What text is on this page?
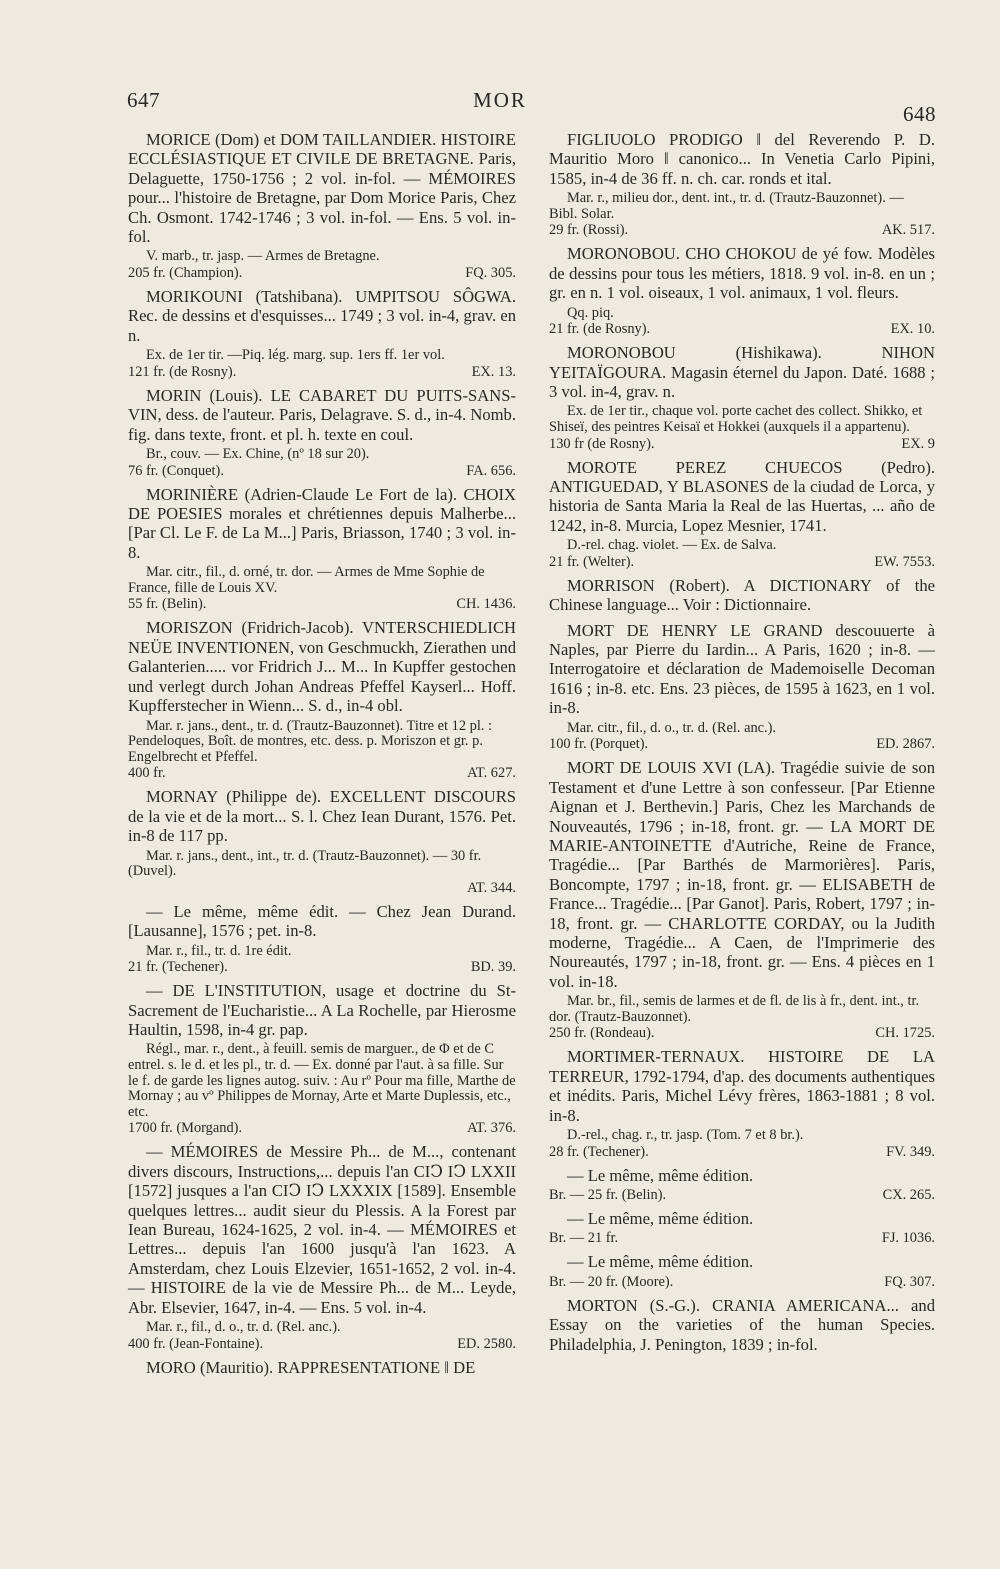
647	MOR
648

MORICE (Dom) et DOM TAILLANDIER. HISTOIRE ECCLÉSIASTIQUE ET CIVILE DE BRETAGNE. Paris, Delaguette, 1750-1756 ; 2 vol. in-fol. — MÉMOIRES pour... l'histoire de Bretagne, par Dom Morice Paris, Chez Ch. Osmont. 1742-1746 ; 3 vol. in-fol. — Ens. 5 vol. in-fol.

V. marb., tr. jasp. — Armes de Bretagne.
205 fr. (Champion).	FQ. 305.

MORIKOUNI (Tatshibana). UMPITSOU SÔGWA. Rec. de dessins et d'esquisses... 1749 ; 3 vol. in-4, grav. en n.

Ex. de 1er tir. —Piq. lég. marg. sup. 1ers ff. 1er vol.
121 fr. (de Rosny).	EX. 13.

MORIN (Louis). LE CABARET DU PUITS-SANS-VIN, dess. de l'auteur. Paris, Delagrave. S. d., in-4. Nomb. fig. dans texte, front. et pl. h. texte en coul.

Br., couv. — Ex. Chine, (nº 18 sur 20).
76 fr. (Conquet).	FA. 656.

MORINIÈRE (Adrien-Claude Le Fort de la). CHOIX DE POESIES morales et chrétiennes depuis Malherbe... [Par Cl. Le F. de La M...] Paris, Briasson, 1740 ; 3 vol. in-8.

Mar. citr., fil., d. orné, tr. dor. — Armes de Mme Sophie de France, fille de Louis XV.
55 fr. (Belin).	CH. 1436.

MORISZON (Fridrich-Jacob). VNTERSCHIEDLICH NEÜE INVENTIONEN, von Geschmuckh, Zierathen und Galanterien..... vor Fridrich J... M... In Kupffer gestochen und verlegt durch Johan Andreas Pfeffel Kayserl... Hoff. Kupfferstecher in Wienn... S. d., in-4 obl.

Mar. r. jans., dent., tr. d. (Trautz-Bauzonnet). Titre et 12 pl. : Pendeloques, Boît. de montres, etc. dess. p. Moriszon et gr. p. Engelbrecht et Pfeffel.
400 fr.	AT. 627.

MORNAY (Philippe de). EXCELLENT DISCOURS de la vie et de la mort... S. l. Chez Iean Durant, 1576. Pet. in-8 de 117 pp.

Mar. r. jans., dent., int., tr. d. (Trautz-Bauzonnet). — 30 fr. (Duvel).
AT. 344.

— Le même, même édit. — Chez Jean Durand. [Lausanne], 1576 ; pet. in-8.

Mar. r., fil., tr. d. 1re édit.
21 fr. (Techener).	BD. 39.

— DE L'INSTITUTION, usage et doctrine du St-Sacrement de l'Eucharistie... A La Rochelle, par Hierosme Haultin, 1598, in-4 gr. pap.

Régl., mar. r., dent., à feuill. semis de marguer., de Φ et de C entrel. s. le d. et les pl., tr. d. — Ex. donné par l'aut. à sa fille. Sur le f. de garde les lignes autog. suiv. : Au rº Pour ma fille, Marthe de Mornay ; au vº Philippes de Mornay, Arte et Marte Duplessis, etc., etc.
1700 fr. (Morgand).	AT. 376.

— MÉMOIRES de Messire Ph... de M..., contenant divers discours, Instructions,... depuis l'an CIↃ IↃ LXXII [1572] jusques a l'an CIↃ IↃ LXXXIX [1589]. Ensemble quelques lettres... audit sieur du Plessis. A la Forest par Iean Bureau, 1624-1625, 2 vol. in-4. — MÉMOIRES et Lettres... depuis l'an 1600 jusqu'à l'an 1623. A Amsterdam, chez Louis Elzevier, 1651-1652, 2 vol. in-4. — HISTOIRE de la vie de Messire Ph... de M... Leyde, Abr. Elsevier, 1647, in-4. — Ens. 5 vol. in-4.

Mar. r., fil., d. o., tr. d. (Rel. anc.).
400 fr. (Jean-Fontaine).	ED. 2580.

MORO (Mauritio). RAPPRESENTATIONE ‖ DE

FIGLIUOLO PRODIGO ‖ del Reverendo P. D. Mauritio Moro ‖ canonico... In Venetia Carlo Pipini, 1585, in-4 de 36 ff. n. ch. car. ronds et ital.

Mar. r., milieu dor., dent. int., tr. d. (Trautz-Bauzonnet). — Bibl. Solar.
29 fr. (Rossi).	AK. 517.

MORONOBOU. CHO CHOKOU de yé fow. Modèles de dessins pour tous les métiers, 1818. 9 vol. in-8. en un ; gr. en n. 1 vol. oiseaux, 1 vol. animaux, 1 vol. fleurs.

Qq. piq.
21 fr. (de Rosny).	EX. 10.

MORONOBOU (Hishikawa). NIHON YEITAÏGOURA. Magasin éternel du Japon. Daté. 1688 ; 3 vol. in-4, grav. n.

Ex. de 1er tir., chaque vol. porte cachet des collect. Shikko, et Shiseï, des peintres Keisaï et Hokkei (auxquels il a appartenu).
130 fr (de Rosny).	EX. 9

MOROTE PEREZ CHUECOS (Pedro). ANTIGUEDAD, Y BLASONES de la ciudad de Lorca, y historia de Santa Maria la Real de las Huertas, ... año de 1242, in-8. Murcia, Lopez Mesnier, 1741.

D.-rel. chag. violet. — Ex. de Salva.
21 fr. (Welter).	EW. 7553.

MORRISON (Robert). A DICTIONARY of the Chinese language... Voir : Dictionnaire.

MORT DE HENRY LE GRAND descouuerte à Naples, par Pierre du Iardin... A Paris, 1620 ; in-8. — Interrogatoire et déclaration de Mademoiselle Decoman 1616 ; in-8. etc. Ens. 23 pièces, de 1595 à 1623, en 1 vol. in-8.

Mar. citr., fil., d. o., tr. d. (Rel. anc.).
100 fr. (Porquet).	ED. 2867.

MORT DE LOUIS XVI (LA). Tragédie suivie de son Testament et d'une Lettre à son confesseur. [Par Etienne Aignan et J. Berthevin.] Paris, Chez les Marchands de Nouveautés, 1796 ; in-18, front. gr. — LA MORT DE MARIE-ANTOINETTE d'Autriche, Reine de France, Tragédie... [Par Barthés de Marmorières]. Paris, Boncompte, 1797 ; in-18, front. gr. — ELISABETH de France... Tragédie... [Par Ganot]. Paris, Robert, 1797 ; in-18, front. gr. — CHARLOTTE CORDAY, ou la Judith moderne, Tragédie... A Caen, de l'Imprimerie des Noureautés, 1797 ; in-18, front. gr. — Ens. 4 pièces en 1 vol. in-18.

Mar. br., fil., semis de larmes et de fl. de lis à fr., dent. int., tr. dor. (Trautz-Bauzonnet).
250 fr. (Rondeau).	CH. 1725.

MORTIMER-TERNAUX. HISTOIRE DE LA TERREUR, 1792-1794, d'ap. des documents authentiques et inédits. Paris, Michel Lévy frères, 1863-1881 ; 8 vol. in-8.

D.-rel., chag. r., tr. jasp. (Tom. 7 et 8 br.).
28 fr. (Techener).	FV. 349.

— Le même, même édition.

Br. — 25 fr. (Belin).	CX. 265.

— Le même, même édition.

Br. — 21 fr.	FJ. 1036.

— Le même, même édition.

Br. — 20 fr. (Moore).	FQ. 307.

MORTON (S.-G.). CRANIA AMERICANA... and Essay on the varieties of the human Species. Philadelphia, J. Penington, 1839 ; in-fol.
